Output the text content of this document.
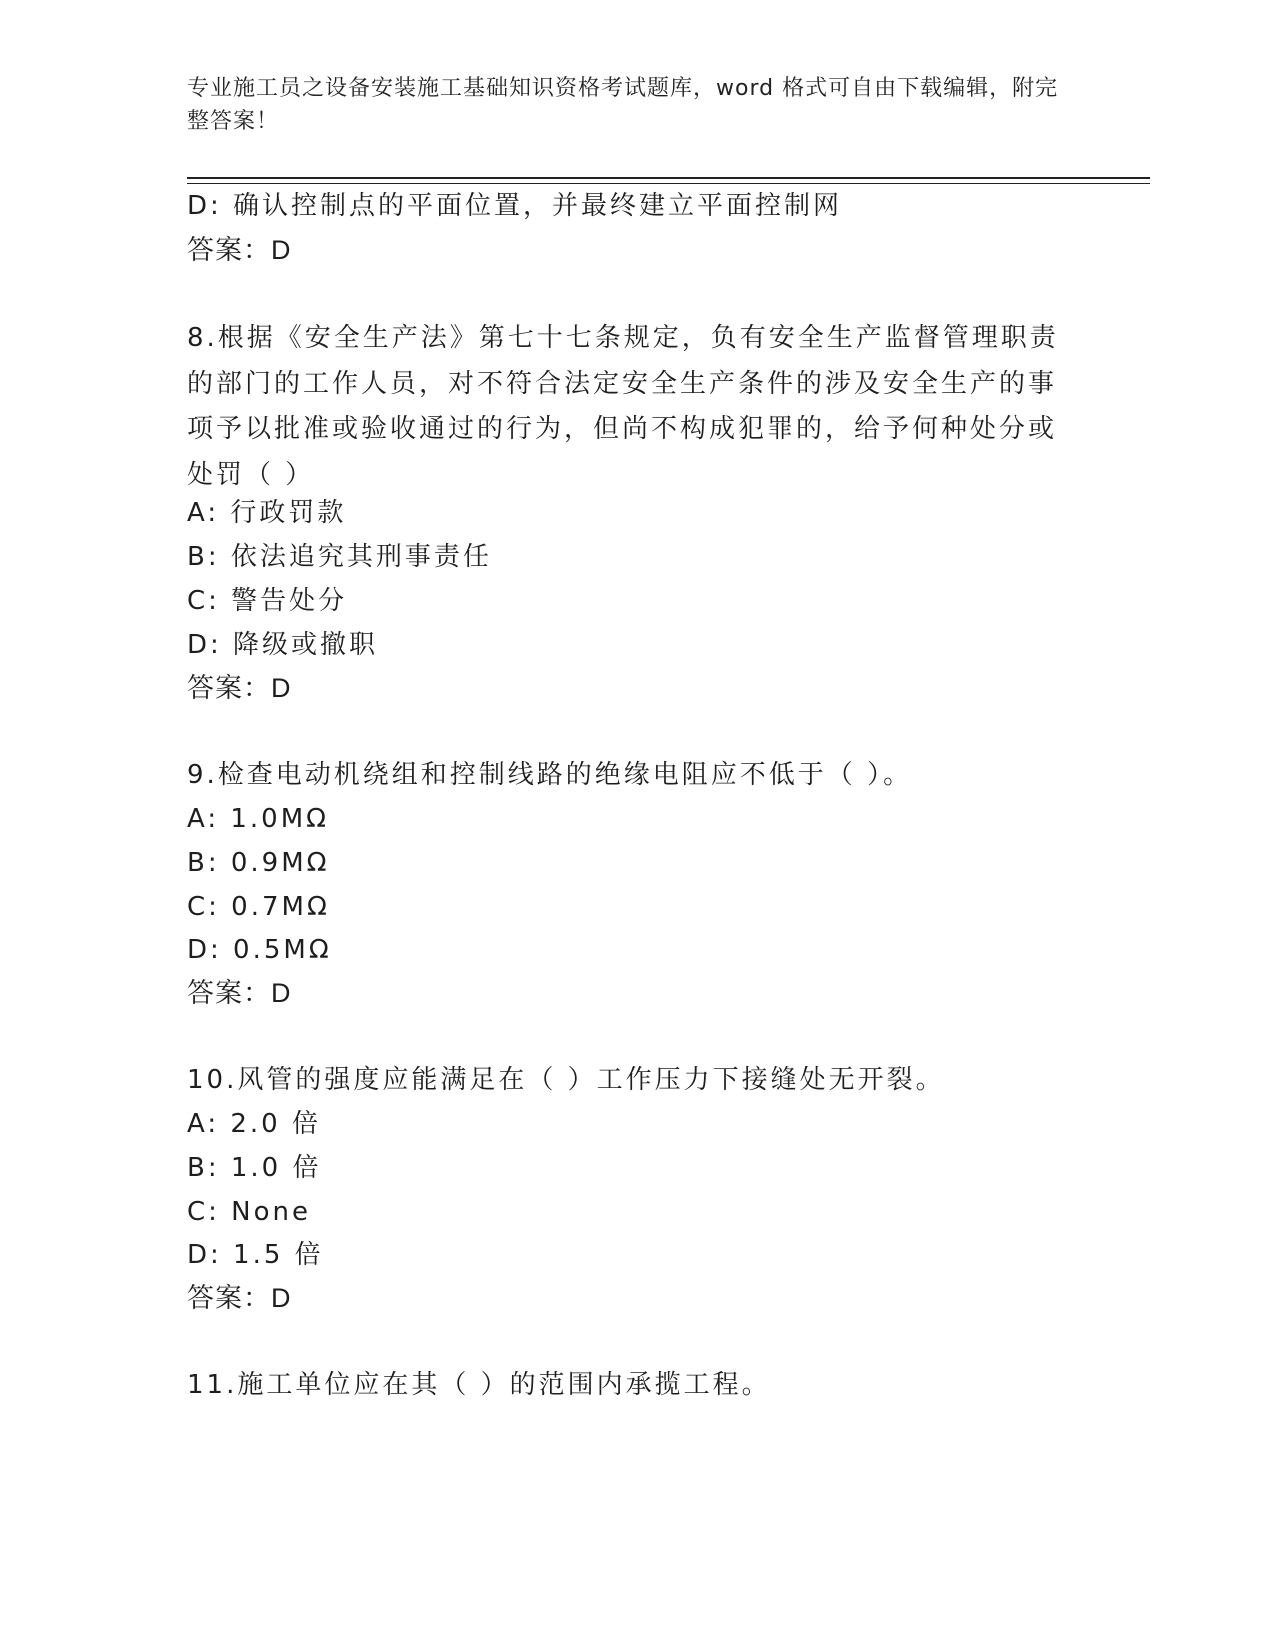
专业施工员之设备安装施工基础知识资格考试题库，word 格式可自由下载编辑，附完整答案！
D: 确认控制点的平面位置，并最终建立平面控制网
答案：D
8.根据《安全生产法》第七十七条规定，负有安全生产监督管理职责的部门的工作人员，对不符合法定安全生产条件的涉及安全生产的事项予以批准或验收通过的行为，但尚不构成犯罪的，给予何种处分或处罚（ ）
A: 行政罚款
B: 依法追究其刑事责任
C: 警告处分
D: 降级或撤职
答案：D
9.检查电动机绕组和控制线路的绝缘电阻应不低于（ ）。
A: 1.0MΩ
B: 0.9MΩ
C: 0.7MΩ
D: 0.5MΩ
答案：D
10.风管的强度应能满足在（ ）工作压力下接缝处无开裂。
A: 2.0 倍
B: 1.0 倍
C: None
D: 1.5 倍
答案：D
11.施工单位应在其（ ）的范围内承揽工程。
